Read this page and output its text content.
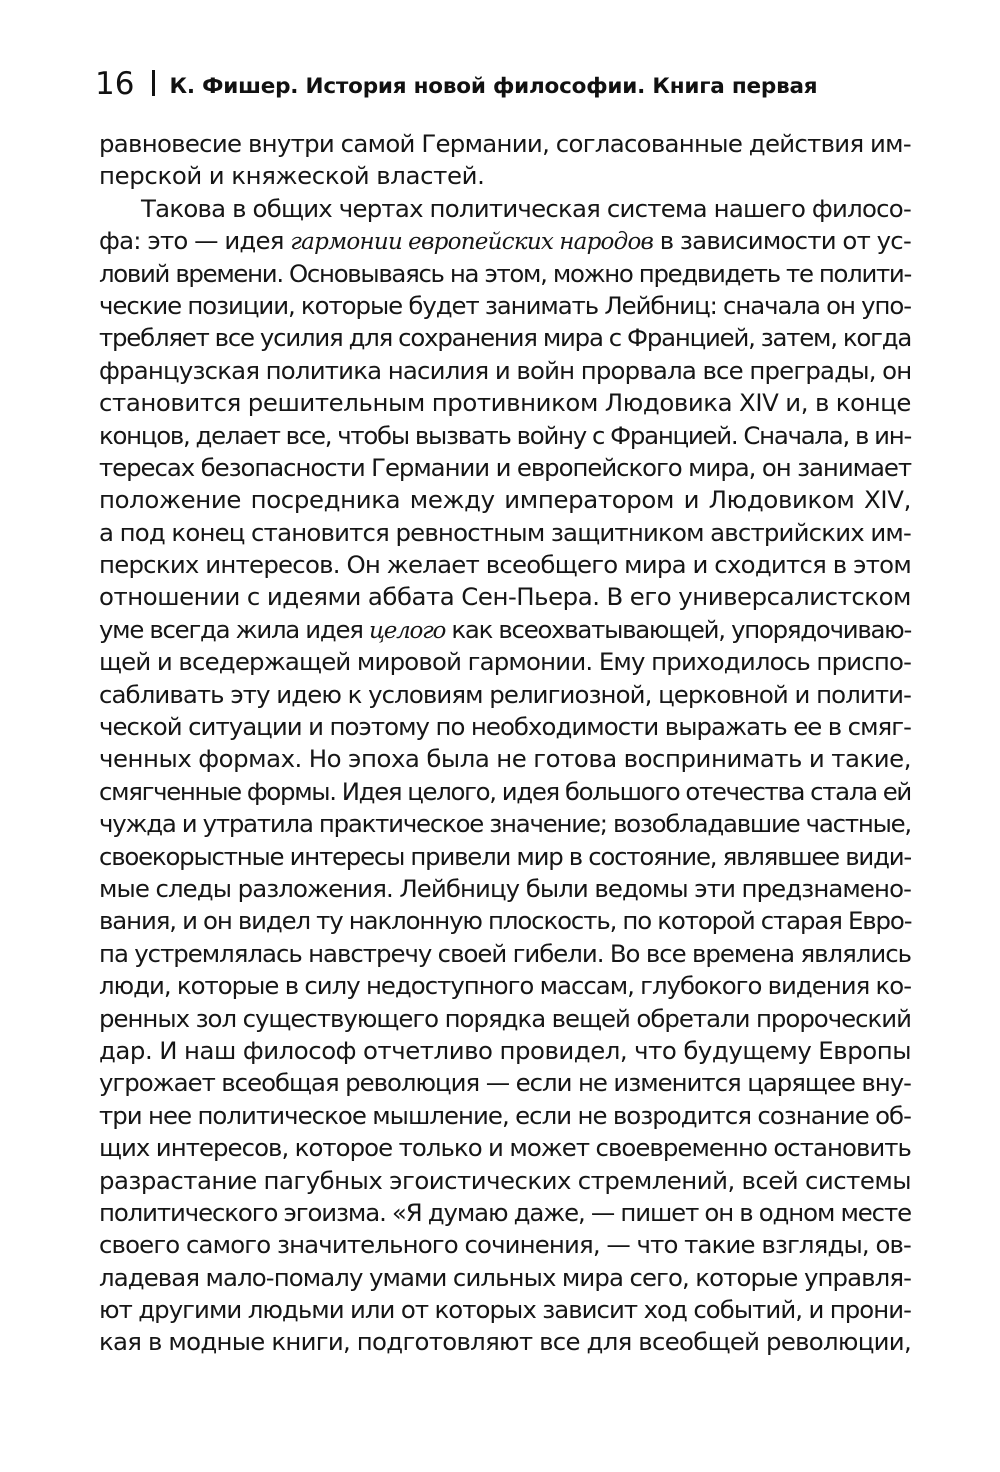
16 К. Фишер. История новой философии. Книга первая
равновесие внутри самой Германии, согласованные действия им-
перской и княжеской властей.
Такова в общих чертах политическая система нашего филосо-
фа: это — идея гармонии европейских народов в зависимости от ус-
ловий времени. Основываясь на этом, можно предвидеть те полити-
ческие позиции, которые будет занимать Лейбниц: сначала он упо-
требляет все усилия для сохранения мира с Францией, затем, когда
французская политика насилия и войн прорвала все преграды, он
становится решительным противником Людовика XIV и, в конце
концов, делает все, чтобы вызвать войну с Францией. Сначала, в ин-
тересах безопасности Германии и европейского мира, он занимает
положение посредника между императором и Людовиком XIV,
а под конец становится ревностным защитником австрийских им-
перских интересов. Он желает всеобщего мира и сходится в этом
отношении с идеями аббата Сен-Пьера. В его универсалистском
уме всегда жила идея целого как всеохватывающей, упорядочиваю-
щей и вседержащей мировой гармонии. Ему приходилось приспо-
сабливать эту идею к условиям религиозной, церковной и полити-
ческой ситуации и поэтому по необходимости выражать ее в смяг-
ченных формах. Но эпоха была не готова воспринимать и такие,
смягченные формы. Идея целого, идея большого отечества стала ей
чужда и утратила практическое значение; возобладавшие частные,
своекорыстные интересы привели мир в состояние, являвшее види-
мые следы разложения. Лейбницу были ведомы эти предзнамено-
вания, и он видел ту наклонную плоскость, по которой старая Евро-
па устремлялась навстречу своей гибели. Во все времена являлись
люди, которые в силу недоступного массам, глубокого видения ко-
ренных зол существующего порядка вещей обретали пророческий
дар. И наш философ отчетливо провидел, что будущему Европы
угрожает всеобщая революция — если не изменится царящее вну-
три нее политическое мышление, если не возродится сознание об-
щих интересов, которое только и может своевременно остановить
разрастание пагубных эгоистических стремлений, всей системы
политического эгоизма. «Я думаю даже, — пишет он в одном месте
своего самого значительного сочинения, — что такие взгляды, ов-
ладевая мало-помалу умами сильных мира сего, которые управля-
ют другими людьми или от которых зависит ход событий, и прони-
кая в модные книги, подготовляют все для всеобщей революции,
